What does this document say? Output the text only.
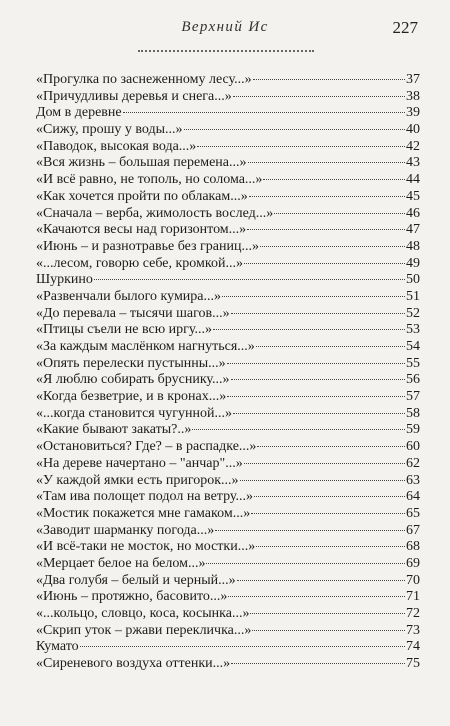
Верхний Ис	227
«Прогулка по заснеженному лесу...»	37
«Причудливы деревья и снега...»	38
Дом в деревне	39
«Сижу, прошу у воды...»	40
«Паводок, высокая вода...»	42
«Вся жизнь – большая перемена...»	43
«И всё равно, не тополь, но солома...»	44
«Как хочется пройти по облакам...»	45
«Сначала – верба, жимолость вослед...»	46
«Качаются весы над горизонтом...»	47
«Июнь – и разнотравье без границ...»	48
«...лесом, говорю себе, кромкой...»	49
Шуркино	50
«Развенчали былого кумира...»	51
«До перевала – тысячи шагов...»	52
«Птицы съели не всю иргу...»	53
«За каждым маслёнком нагнуться...»	54
«Опять перелески пустынны...»	55
«Я люблю собирать бруснику...»	56
«Когда безветрие, и в кронах...»	57
«...когда становится чугунной...»	58
«Какие бывают закаты?..»	59
«Остановиться? Где? – в распадке...»	60
«На дереве начертано – "анчар"...»	62
«У каждой ямки есть пригорок...»	63
«Там ива полощет подол на ветру...»	64
«Мостик покажется мне гамаком...»	65
«Заводит шарманку погода...»	67
«И всё-таки не мосток, но мостки...»	68
«Мерцает белое на белом...»	69
«Два голубя – белый и черный...»	70
«Июнь – протяжно, басовито...»	71
«...кольцо, словцо, коса, косынка...»	72
«Скрип уток – ржави перекличка...»	73
Кумато	74
«Сиреневого воздуха оттенки...»	75
